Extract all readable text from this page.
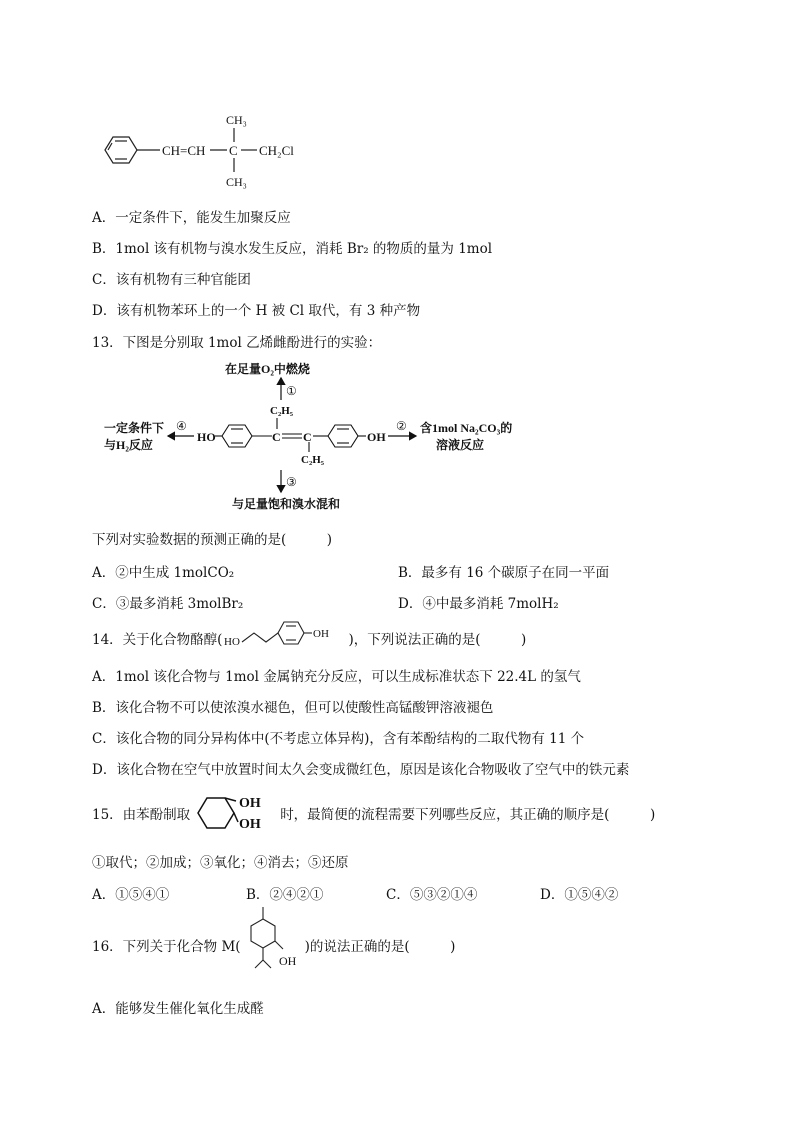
CH=CH C CH₂Cl
CH₃
CH₃
A．一定条件下，能发生加聚反应
B．1mol 该有机物与溴水发生反应，消耗 Br₂ 的物质的量为 1mol
C．该有机物有三种官能团
D．该有机物苯环上的一个 H 被 Cl 取代，有 3 种产物
13．下图是分别取 1mol 乙烯雌酚进行的实验：
在足量O₂中燃烧
①
C₂H₅
一定条件下
与H₂反应
④
HO	C C	OH
C₂H₅
② 含1mol Na₂CO₃的
溶液反应
③
与足量饱和溴水混和
下列对实验数据的预测正确的是(　　　)
A．②中生成 1molCO₂	B．最多有 16 个碳原子在同一平面
C．③最多消耗 3molBr₂	D．④中最多消耗 7molH₂
14．关于化合物酪醇( HO
OH )，下列说法正确的是(　　　)
A．1mol 该化合物与 1mol 金属钠充分反应，可以生成标准状态下 22.4L 的氢气
B．该化合物不可以使浓溴水褪色，但可以使酸性高锰酸钾溶液褪色
C．该化合物的同分异构体中(不考虑立体异构)，含有苯酚结构的二取代物有 11 个
D．该化合物在空气中放置时间太久会变成微红色，原因是该化合物吸收了空气中的铁元素
15．由苯酚制取
OH
OH
时，最简便的流程需要下列哪些反应，其正确的顺序是(　　　)
①取代；②加成；③氧化；④消去；⑤还原
A．①⑤④①	B．②④②①	C．⑤③②①④	D．①⑤④②
16．下列关于化合物 M(
OH
)的说法正确的是(　　　)
A．能够发生催化氧化生成醛
